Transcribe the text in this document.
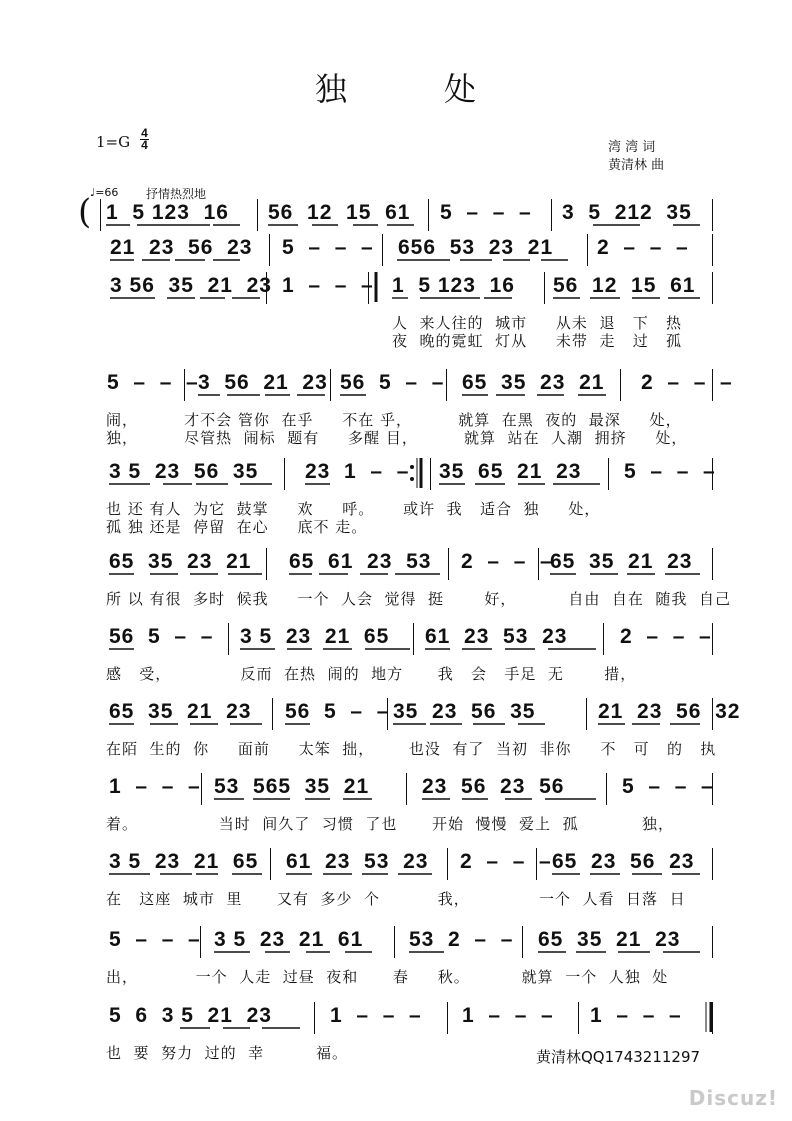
独	处
1=G 4
4	湾 湾 词
黄清林 曲
♩=66 抒情热烈地
1  5 123  16 56  12  15  61 5  –  –  – 3  5  212  35
21  23  56  23 5  –  –  – 656  53  23  21 2  –  –  –
3 56  35  21  23 1  –  –  – 1  5 123  16 56  12  15  61
人  来人往的  城市     从未  退   下   热
夜  晚的霓虹  灯从     未带  走   过   孤
5  –  –  – 3  56  21  23 56  5  –  – 65  35  23  21 2  –  –  –
闹，        才不会 管你  在乎     不在 乎，        就算  在黑  夜的  最深     处，
独，        尽管热  闹标  题有     多醒 目，        就算  站在  人潮  拥挤     处，
3 5  23  56  35 23  1  –  – 35  65  21  23 5  –  –  –
也 还 有人  为它  鼓掌     欢     呼。     或许  我   适合  独     处，
孤 独 还是  停留  在心     底不 走。
65  35  23  21 65  61  23  53 2  –  –  –
65  35  21  23
所 以 有很  多时  候我     一个  人会  觉得  挺       好，         自由  自在  随我  自己
56  5  –  – 3 5  23  21  65 61  23  53  23	2  –  –  –
感   受，            反而  在热  闹的  地方      我   会   手足  无       措，
65  35  21  23 56  5  –  – 35  23  56  35	21  23  56  32
在陌  生的  你     面前     太笨  拙，      也没  有了  当初  非你     不   可   的   执
1  –  –  – 53  565  35  21	23  56  23  56	5  –  –  –
着。              当时  间久了  习惯  了也      开始  慢慢  爱上  孤           独，
3 5  23  21  65 61  23  53  23 2  –  –  – 65  23  56  23
在   这座  城市  里      又有  多少  个          我，            一个  人看  日落  日
5  –  –  – 3 5  23  21  61 53  2  –  – 65  35  21  23
出，          一个  人走  过昼  夜和      春     秋。         就算  一个  人独  处
5  6  3 5  21  23	1  –  –  – 1  –  –  – 1  –  –  –
也  要  努力  过的  幸         福。
(
黄清林QQ1743211297
Discuz!
